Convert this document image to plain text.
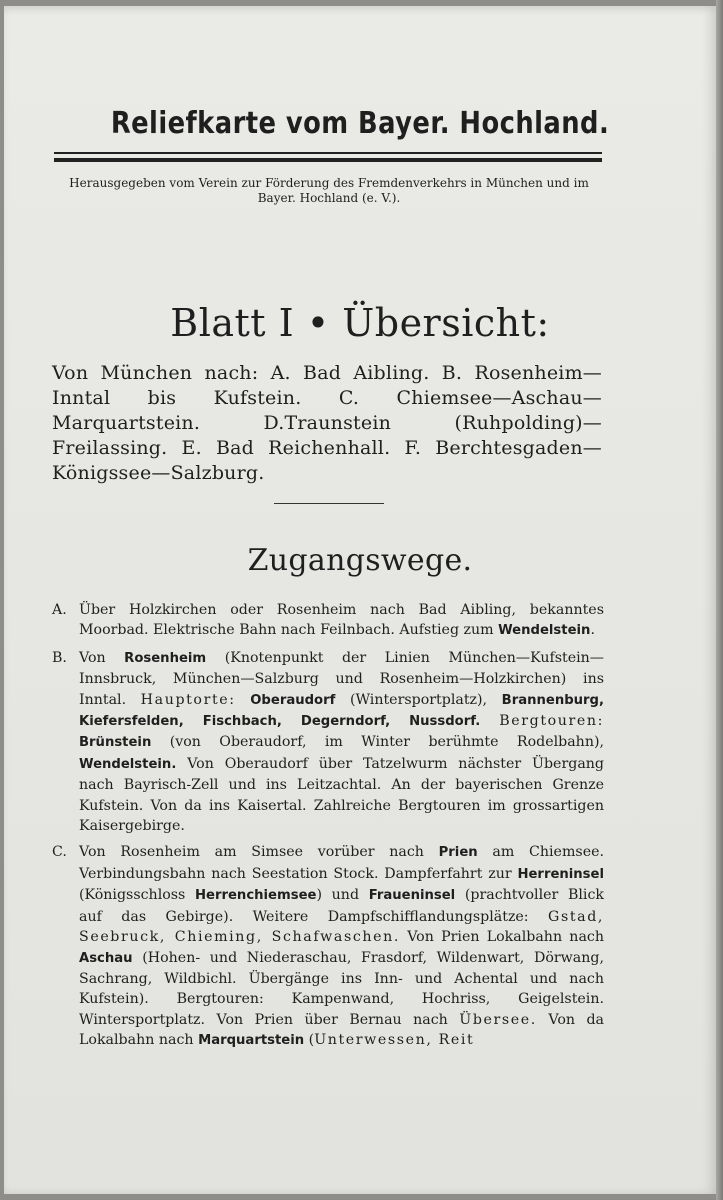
Reliefkarte vom Bayer. Hochland.
Herausgegeben vom Verein zur Förderung des Fremdenverkehrs in München und im
Bayer. Hochland (e. V.).
Blatt I • Übersicht:
Von München nach: A. Bad Aibling. B. Rosenheim—Inntal bis Kufstein. C. Chiemsee—Aschau—Marquartstein. D.Traunstein (Ruhpolding)—Freilassing. E. Bad Reichenhall. F. Berchtesgaden—Königssee—Salzburg.
Zugangswege.
A. Über Holzkirchen oder Rosenheim nach Bad Aibling, bekanntes Moorbad. Elektrische Bahn nach Feilnbach. Aufstieg zum Wendelstein.
B. Von Rosenheim (Knotenpunkt der Linien München—Kufstein—Innsbruck, München—Salzburg und Rosenheim—Holzkirchen) ins Inntal. Hauptorte: Oberaudorf (Wintersportplatz), Brannenburg, Kiefersfelden, Fischbach, Degerndorf, Nussdorf. Bergtouren: Brünstein (von Oberaudorf, im Winter berühmte Rodelbahn), Wendelstein. Von Oberaudorf über Tatzelwurm nächster Übergang nach Bayrisch-Zell und ins Leitzachtal. An der bayerischen Grenze Kufstein. Von da ins Kaisertal. Zahlreiche Bergtouren im grossartigen Kaisergebirge.
C. Von Rosenheim am Simsee vorüber nach Prien am Chiemsee. Verbindungsbahn nach Seestation Stock. Dampferfahrt zur Herreninsel (Königsschloss Herrenchiemsee) und Fraueninsel (prachtvoller Blick auf das Gebirge). Weitere Dampfschifflandungsplätze: Gstad, Seebruck, Chieming, Schafwaschen. Von Prien Lokalbahn nach Aschau (Hohen- und Niederaschau, Frasdorf, Wildenwart, Dörwang, Sachrang, Wildbichl. Übergänge ins Inn- und Achental und nach Kufstein). Bergtouren: Kampenwand, Hochriss, Geigelstein. Wintersportplatz. Von Prien über Bernau nach Übersee. Von da Lokalbahn nach Marquartstein (Unterwessen, Reit
